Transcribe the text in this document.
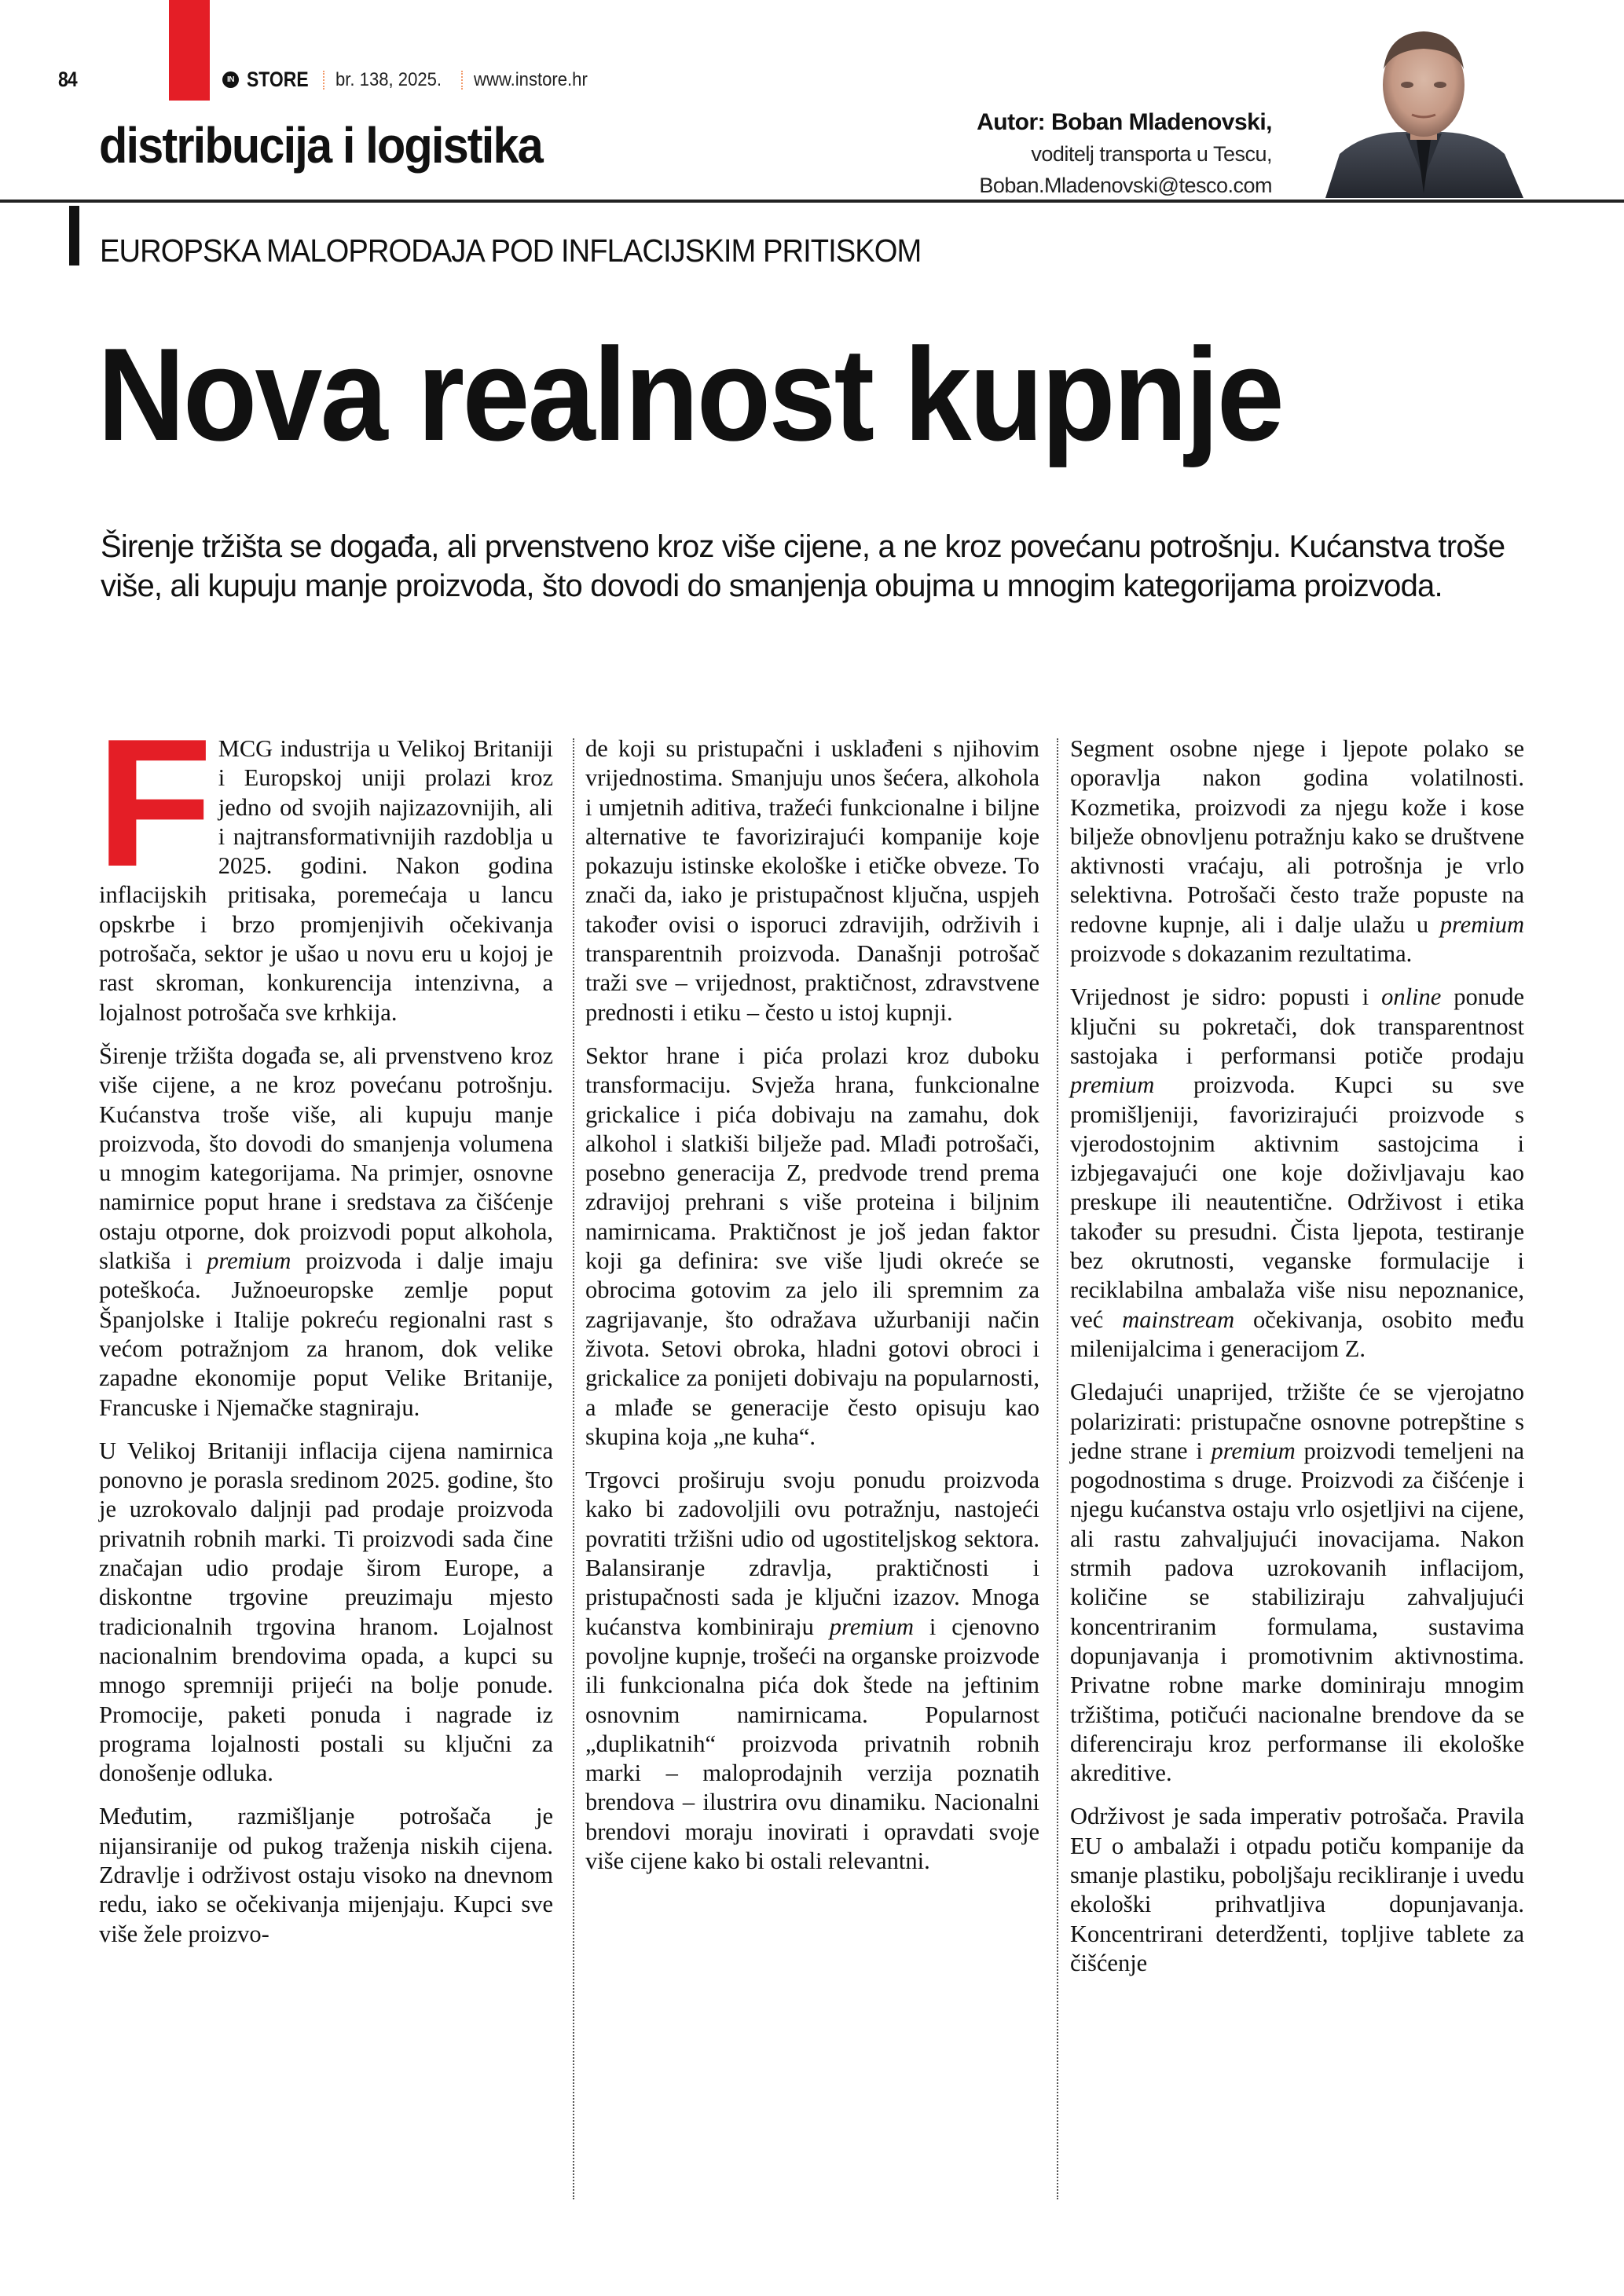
84	IN STORE br. 138, 2025. www.instore.hr
distribucija i logistika	Autor: Boban Mladenovski,
voditelj transporta u Tescu,
Boban.Mladenovski@tesco.com
EUROPSKA MALOPRODAJA POD INFLACIJSKIM PRITISKOM
Nova realnost kupnje
Širenje tržišta se događa, ali prvenstveno kroz više cijene, a ne kroz povećanu potrošnju. Kućanstva troše više, ali kupuju manje proizvoda, što dovodi do smanjenja obujma u mnogim kategorijama proizvoda.

FMCG industrija u Velikoj Britaniji i Europskoj uniji prolazi kroz jedno od svojih najizazovnijih, ali i najtransformativnijih razdoblja u 2025. godini. Nakon godina inflacijskih pritisaka, poremećaja u lancu opskrbe i brzo promjenjivih očekivanja potrošača, sektor je ušao u novu eru u kojoj je rast skroman, konkurencija intenzivna, a lojalnost potrošača sve krhkija.

Širenje tržišta događa se, ali prvenstveno kroz više cijene, a ne kroz povećanu potrošnju. Kućanstva troše više, ali kupuju manje proizvoda, što dovodi do smanjenja volumena u mnogim kategorijama. Na primjer, osnovne namirnice poput hrane i sredstava za čišćenje ostaju otporne, dok proizvodi poput alkohola, slatkiša i premium proizvoda i dalje imaju poteškoća. Južnoeuropske zemlje poput Španjolske i Italije pokreću regionalni rast s većom potražnjom za hranom, dok velike zapadne ekonomije poput Velike Britanije, Francuske i Njemačke stagniraju.

U Velikoj Britaniji inflacija cijena namirnica ponovno je porasla sredinom 2025. godine, što je uzrokovalo daljnji pad prodaje proizvoda privatnih robnih marki. Ti proizvodi sada čine značajan udio prodaje širom Europe, a diskontne trgovine preuzimaju mjesto tradicionalnih trgovina hranom. Lojalnost nacionalnim brendovima opada, a kupci su mnogo spremniji prijeći na bolje ponude. Promocije, paketi ponuda i nagrade iz programa lojalnosti postali su ključni za donošenje odluka.

Međutim, razmišljanje potrošača je nijansiranije od pukog traženja niskih cijena. Zdravlje i održivost ostaju visoko na dnevnom redu, iako se očekivanja mijenjaju. Kupci sve više žele proizvo-

de koji su pristupačni i usklađeni s njihovim vrijednostima. Smanjuju unos šećera, alkohola i umjetnih aditiva, tražeći funkcionalne i biljne alternative te favorizirajući kompanije koje pokazuju istinske ekološke i etičke obveze. To znači da, iako je pristupačnost ključna, uspjeh također ovisi o isporuci zdravijih, održivih i transparentnih proizvoda. Današnji potrošač traži sve – vrijednost, praktičnost, zdravstvene prednosti i etiku – često u istoj kupnji.

Sektor hrane i pića prolazi kroz duboku transformaciju. Svježa hrana, funkcionalne grickalice i pića dobivaju na zamahu, dok alkohol i slatkiši bilježe pad. Mlađi potrošači, posebno generacija Z, predvode trend prema zdravijoj prehrani s više proteina i biljnim namirnicama. Praktičnost je još jedan faktor koji ga definira: sve više ljudi okreće se obrocima gotovim za jelo ili spremnim za zagrijavanje, što odražava užurbaniji način života. Setovi obroka, hladni gotovi obroci i grickalice za ponijeti dobivaju na popularnosti, a mlađe se generacije često opisuju kao skupina koja „ne kuha“.

Trgovci proširuju svoju ponudu proizvoda kako bi zadovoljili ovu potražnju, nastojeći povratiti tržišni udio od ugostiteljskog sektora. Balansiranje zdravlja, praktičnosti i pristupačnosti sada je ključni izazov. Mnoga kućanstva kombiniraju premium i cjenovno povoljne kupnje, trošeći na organske proizvode ili funkcionalna pića dok štede na jeftinim osnovnim namirnicama. Popularnost „duplikatnih“ proizvoda privatnih robnih marki – maloprodajnih verzija poznatih brendova – ilustrira ovu dinamiku. Nacionalni brendovi moraju inovirati i opravdati svoje više cijene kako bi ostali relevantni.

Segment osobne njege i ljepote polako se oporavlja nakon godina volatilnosti. Kozmetika, proizvodi za njegu kože i kose bilježe obnovljenu potražnju kako se društvene aktivnosti vraćaju, ali potrošnja je vrlo selektivna. Potrošači često traže popuste na redovne kupnje, ali i dalje ulažu u premium proizvode s dokazanim rezultatima.

Vrijednost je sidro: popusti i online ponude ključni su pokretači, dok transparentnost sastojaka i performansi potiče prodaju premium proizvoda. Kupci su sve promišljeniji, favorizirajući proizvode s vjerodostojnim aktivnim sastojcima i izbjegavajući one koje doživljavaju kao preskupe ili neautentične. Održivost i etika također su presudni. Čista ljepota, testiranje bez okrutnosti, veganske formulacije i reciklabilna ambalaža više nisu nepoznanice, već mainstream očekivanja, osobito među milenijalcima i generacijom Z.

Gledajući unaprijed, tržište će se vjerojatno polarizirati: pristupačne osnovne potrepštine s jedne strane i premium proizvodi temeljeni na pogodnostima s druge. Proizvodi za čišćenje i njegu kućanstva ostaju vrlo osjetljivi na cijene, ali rastu zahvaljujući inovacijama. Nakon strmih padova uzrokovanih inflacijom, količine se stabiliziraju zahvaljujući koncentriranim formulama, sustavima dopunjavanja i promotivnim aktivnostima. Privatne robne marke dominiraju mnogim tržištima, potičući nacionalne brendove da se diferenciraju kroz performanse ili ekološke akreditive.

Održivost je sada imperativ potrošača. Pravila EU o ambalaži i otpadu potiču kompanije da smanje plastiku, poboljšaju recikliranje i uvedu ekološki prihvatljiva dopunjavanja. Koncentrirani deterdženti, topljive tablete za čišćenje
